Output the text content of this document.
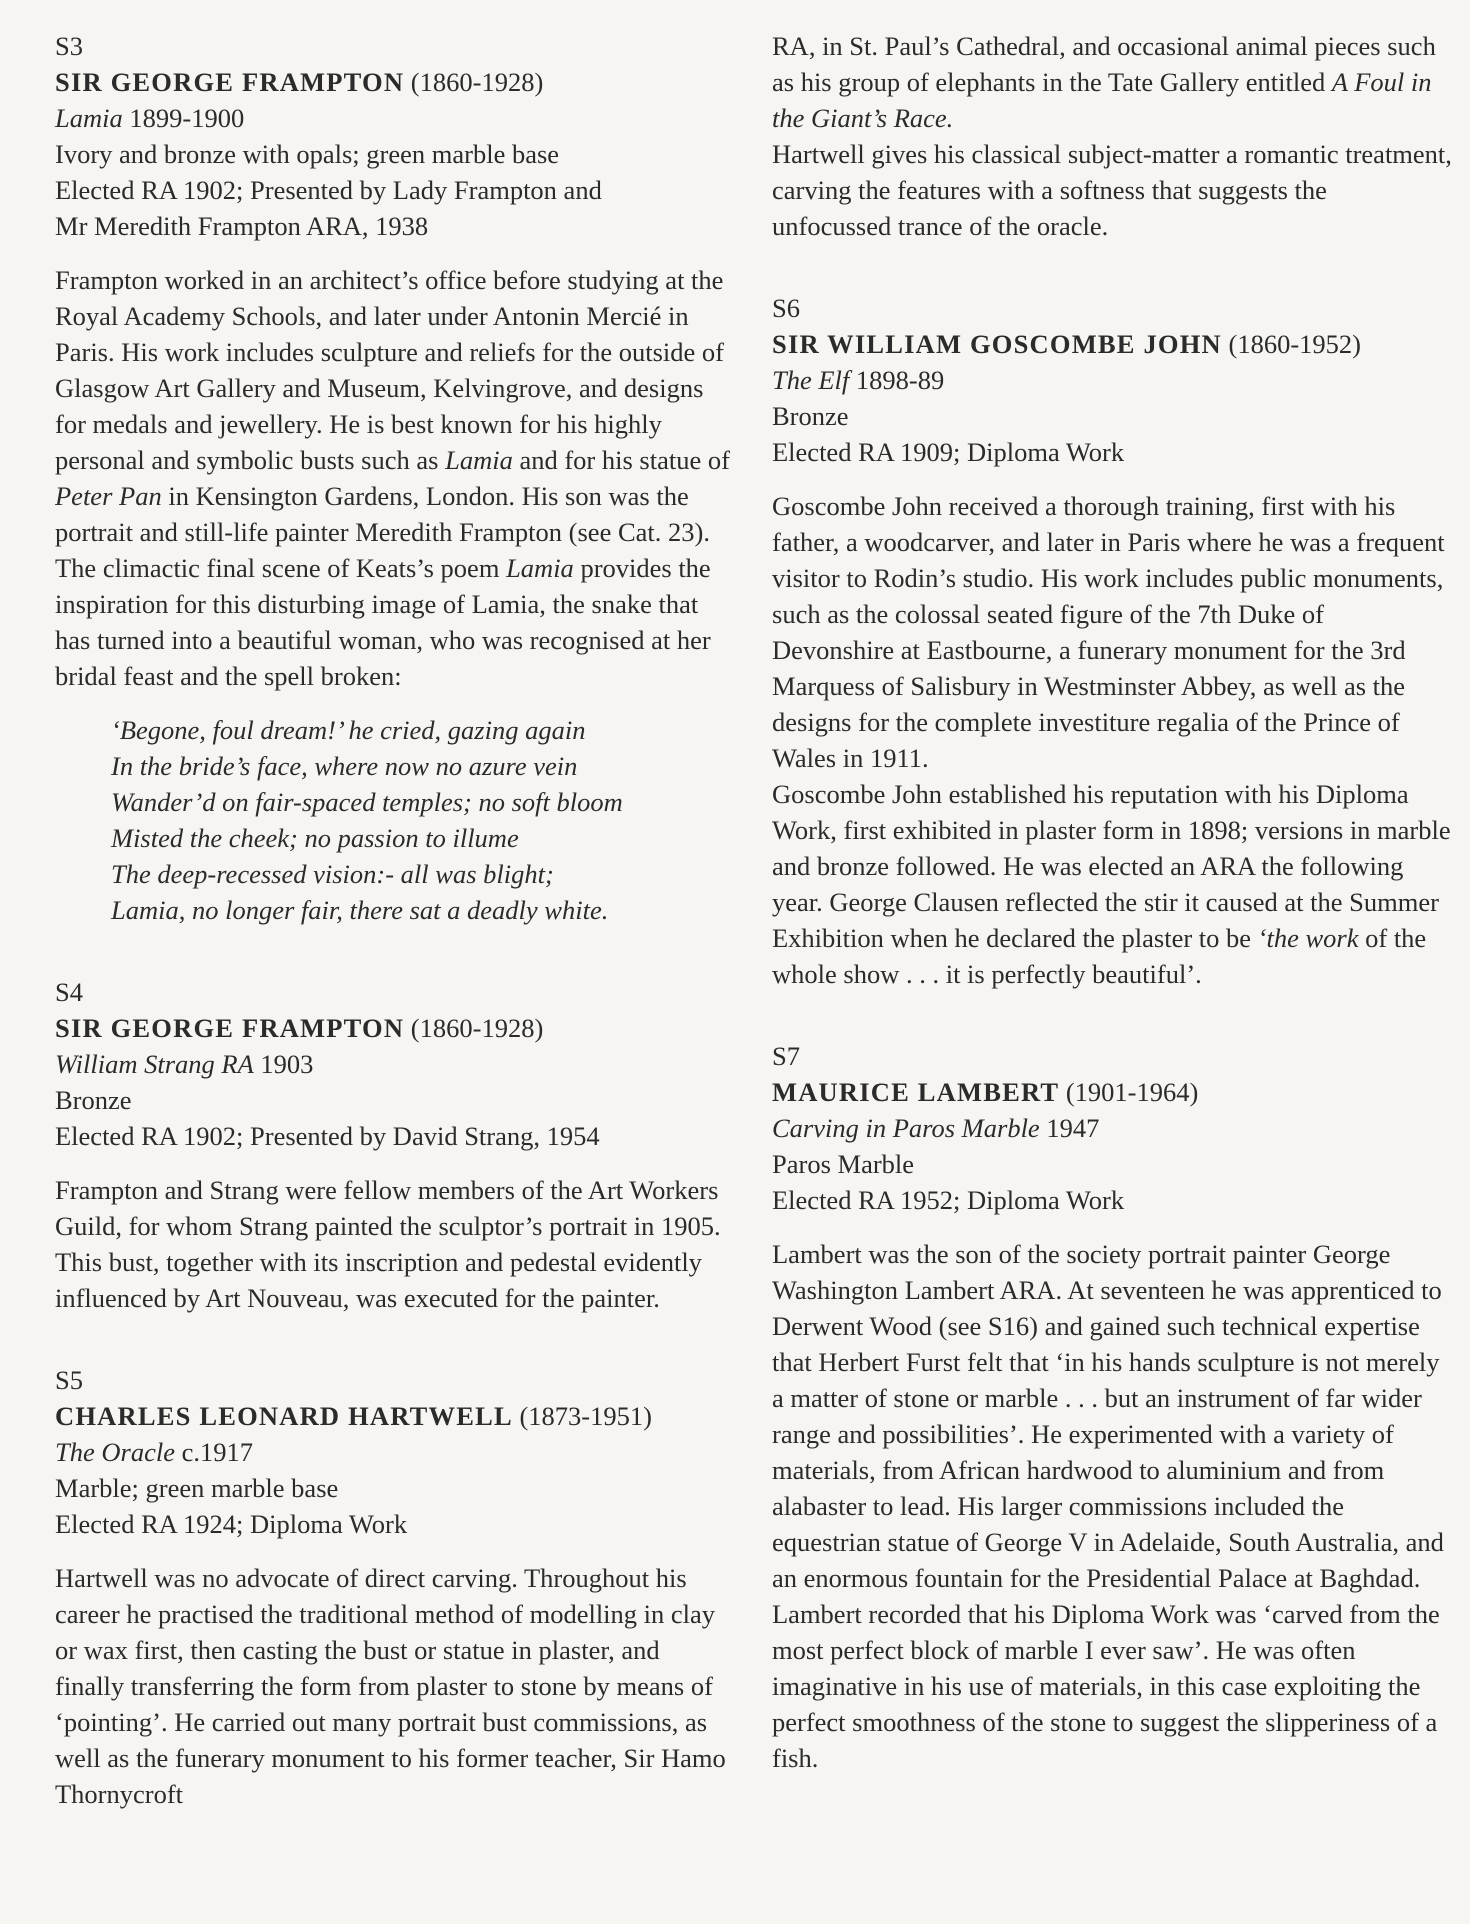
S3
SIR GEORGE FRAMPTON (1860-1928)
Lamia 1899-1900
Ivory and bronze with opals; green marble base
Elected RA 1902; Presented by Lady Frampton and
Mr Meredith Frampton ARA, 1938

Frampton worked in an architect’s office before studying at the Royal Academy Schools, and later under Antonin Mercié in Paris. His work includes sculpture and reliefs for the outside of Glasgow Art Gallery and Museum, Kelvingrove, and designs for medals and jewellery. He is best known for his highly personal and symbolic busts such as Lamia and for his statue of Peter Pan in Kensington Gardens, London. His son was the portrait and still-life painter Meredith Frampton (see Cat. 23).

The climactic final scene of Keats’s poem Lamia provides the inspiration for this disturbing image of Lamia, the snake that has turned into a beautiful woman, who was recognised at her bridal feast and the spell broken:

‘Begone, foul dream!’ he cried, gazing again
In the bride’s face, where now no azure vein
Wander’d on fair-spaced temples; no soft bloom
Misted the cheek; no passion to illume
The deep-recessed vision:- all was blight;
Lamia, no longer fair, there sat a deadly white.
S4
SIR GEORGE FRAMPTON (1860-1928)
William Strang RA 1903
Bronze
Elected RA 1902; Presented by David Strang, 1954

Frampton and Strang were fellow members of the Art Workers Guild, for whom Strang painted the sculptor’s portrait in 1905. This bust, together with its inscription and pedestal evidently influenced by Art Nouveau, was executed for the painter.

S5
CHARLES LEONARD HARTWELL (1873-1951)
The Oracle c.1917
Marble; green marble base
Elected RA 1924; Diploma Work

Hartwell was no advocate of direct carving. Throughout his career he practised the traditional method of modelling in clay or wax first, then casting the bust or statue in plaster, and finally transferring the form from plaster to stone by means of ‘pointing’. He carried out many portrait bust commissions, as well as the funerary monument to his former teacher, Sir Hamo Thornycroft

RA, in St. Paul’s Cathedral, and occasional animal pieces such as his group of elephants in the Tate Gallery entitled A Foul in the Giant’s Race.

Hartwell gives his classical subject-matter a romantic treatment, carving the features with a softness that suggests the unfocussed trance of the oracle.

S6
SIR WILLIAM GOSCOMBE JOHN (1860-1952)
The Elf 1898-89
Bronze
Elected RA 1909; Diploma Work

Goscombe John received a thorough training, first with his father, a woodcarver, and later in Paris where he was a frequent visitor to Rodin’s studio. His work includes public monuments, such as the colossal seated figure of the 7th Duke of Devonshire at Eastbourne, a funerary monument for the 3rd Marquess of Salisbury in Westminster Abbey, as well as the designs for the complete investiture regalia of the Prince of Wales in 1911.

Goscombe John established his reputation with his Diploma Work, first exhibited in plaster form in 1898; versions in marble and bronze followed. He was elected an ARA the following year. George Clausen reflected the stir it caused at the Summer Exhibition when he declared the plaster to be ‘the work of the whole show . . . it is perfectly beautiful’.

S7
MAURICE LAMBERT (1901-1964)
Carving in Paros Marble 1947
Paros Marble
Elected RA 1952; Diploma Work

Lambert was the son of the society portrait painter George Washington Lambert ARA. At seventeen he was apprenticed to Derwent Wood (see S16) and gained such technical expertise that Herbert Furst felt that ‘in his hands sculpture is not merely a matter of stone or marble . . . but an instrument of far wider range and possibilities’. He experimented with a variety of materials, from African hardwood to aluminium and from alabaster to lead. His larger commissions included the equestrian statue of George V in Adelaide, South Australia, and an enormous fountain for the Presidential Palace at Baghdad.

Lambert recorded that his Diploma Work was ‘carved from the most perfect block of marble I ever saw’. He was often imaginative in his use of materials, in this case exploiting the perfect smoothness of the stone to suggest the slipperiness of a fish.
